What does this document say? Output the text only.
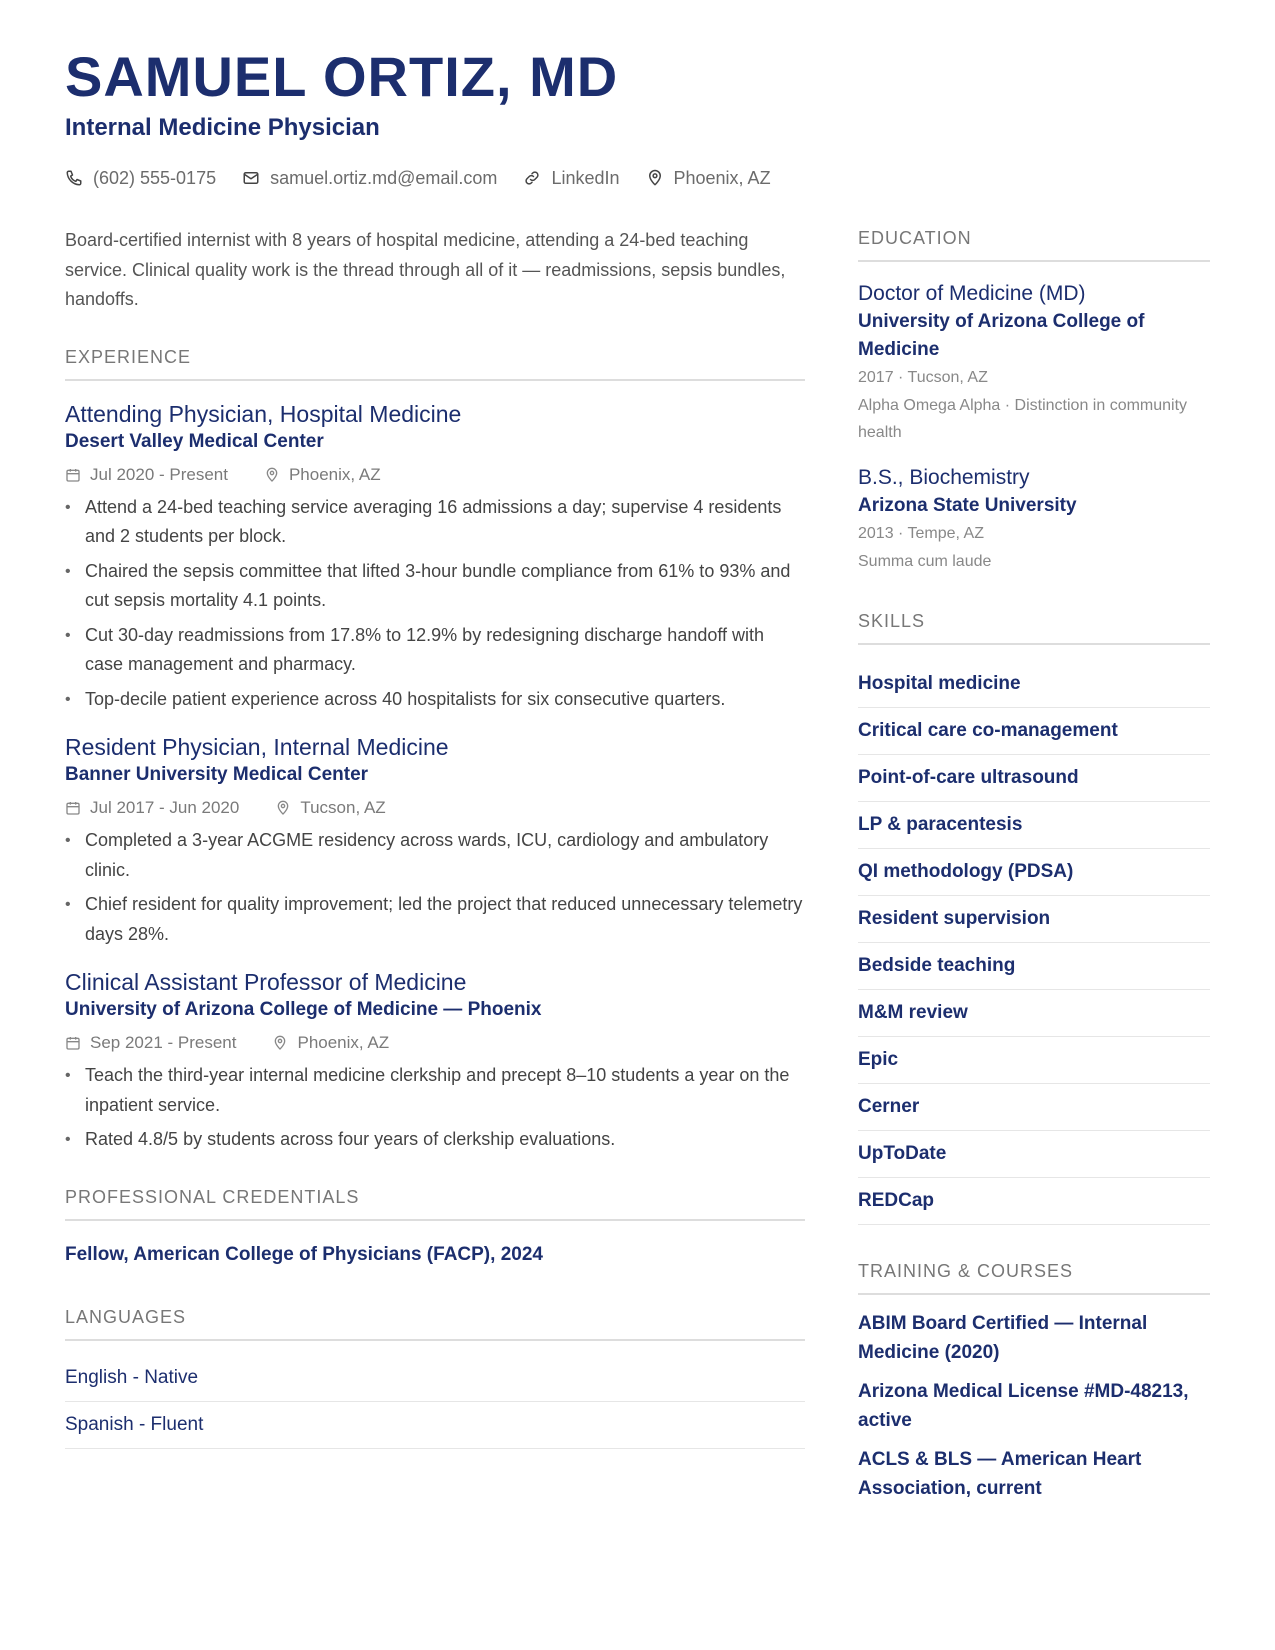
SAMUEL ORTIZ, MD
Internal Medicine Physician
(602) 555-0175	samuel.ortiz.md@email.com	LinkedIn	Phoenix, AZ

Board-certified internist with 8 years of hospital medicine, attending a 24-bed teaching service. Clinical quality work is the thread through all of it — readmissions, sepsis bundles, handoffs.

EXPERIENCE
Attending Physician, Hospital Medicine
Desert Valley Medical Center
Jul 2020 - Present	Phoenix, AZ
• Attend a 24-bed teaching service averaging 16 admissions a day; supervise 4 residents and 2 students per block.
• Chaired the sepsis committee that lifted 3-hour bundle compliance from 61% to 93% and cut sepsis mortality 4.1 points.
• Cut 30-day readmissions from 17.8% to 12.9% by redesigning discharge handoff with case management and pharmacy.
• Top-decile patient experience across 40 hospitalists for six consecutive quarters.
Resident Physician, Internal Medicine
Banner University Medical Center
Jul 2017 - Jun 2020	Tucson, AZ
• Completed a 3-year ACGME residency across wards, ICU, cardiology and ambulatory clinic.
• Chief resident for quality improvement; led the project that reduced unnecessary telemetry days 28%.
Clinical Assistant Professor of Medicine
University of Arizona College of Medicine — Phoenix
Sep 2021 - Present	Phoenix, AZ
• Teach the third-year internal medicine clerkship and precept 8–10 students a year on the inpatient service.
• Rated 4.8/5 by students across four years of clerkship evaluations.
PROFESSIONAL CREDENTIALS
Fellow, American College of Physicians (FACP), 2024
LANGUAGES
English - Native
Spanish - Fluent
EDUCATION
Doctor of Medicine (MD)
University of Arizona College of Medicine
2017 · Tucson, AZ
Alpha Omega Alpha · Distinction in community health
B.S., Biochemistry
Arizona State University
2013 · Tempe, AZ
Summa cum laude
SKILLS
Hospital medicine
Critical care co-management
Point-of-care ultrasound
LP & paracentesis
QI methodology (PDSA)
Resident supervision
Bedside teaching
M&M review
Epic
Cerner
UpToDate
REDCap
TRAINING & COURSES
ABIM Board Certified — Internal Medicine (2020)
Arizona Medical License #MD-48213, active
ACLS & BLS — American Heart Association, current
